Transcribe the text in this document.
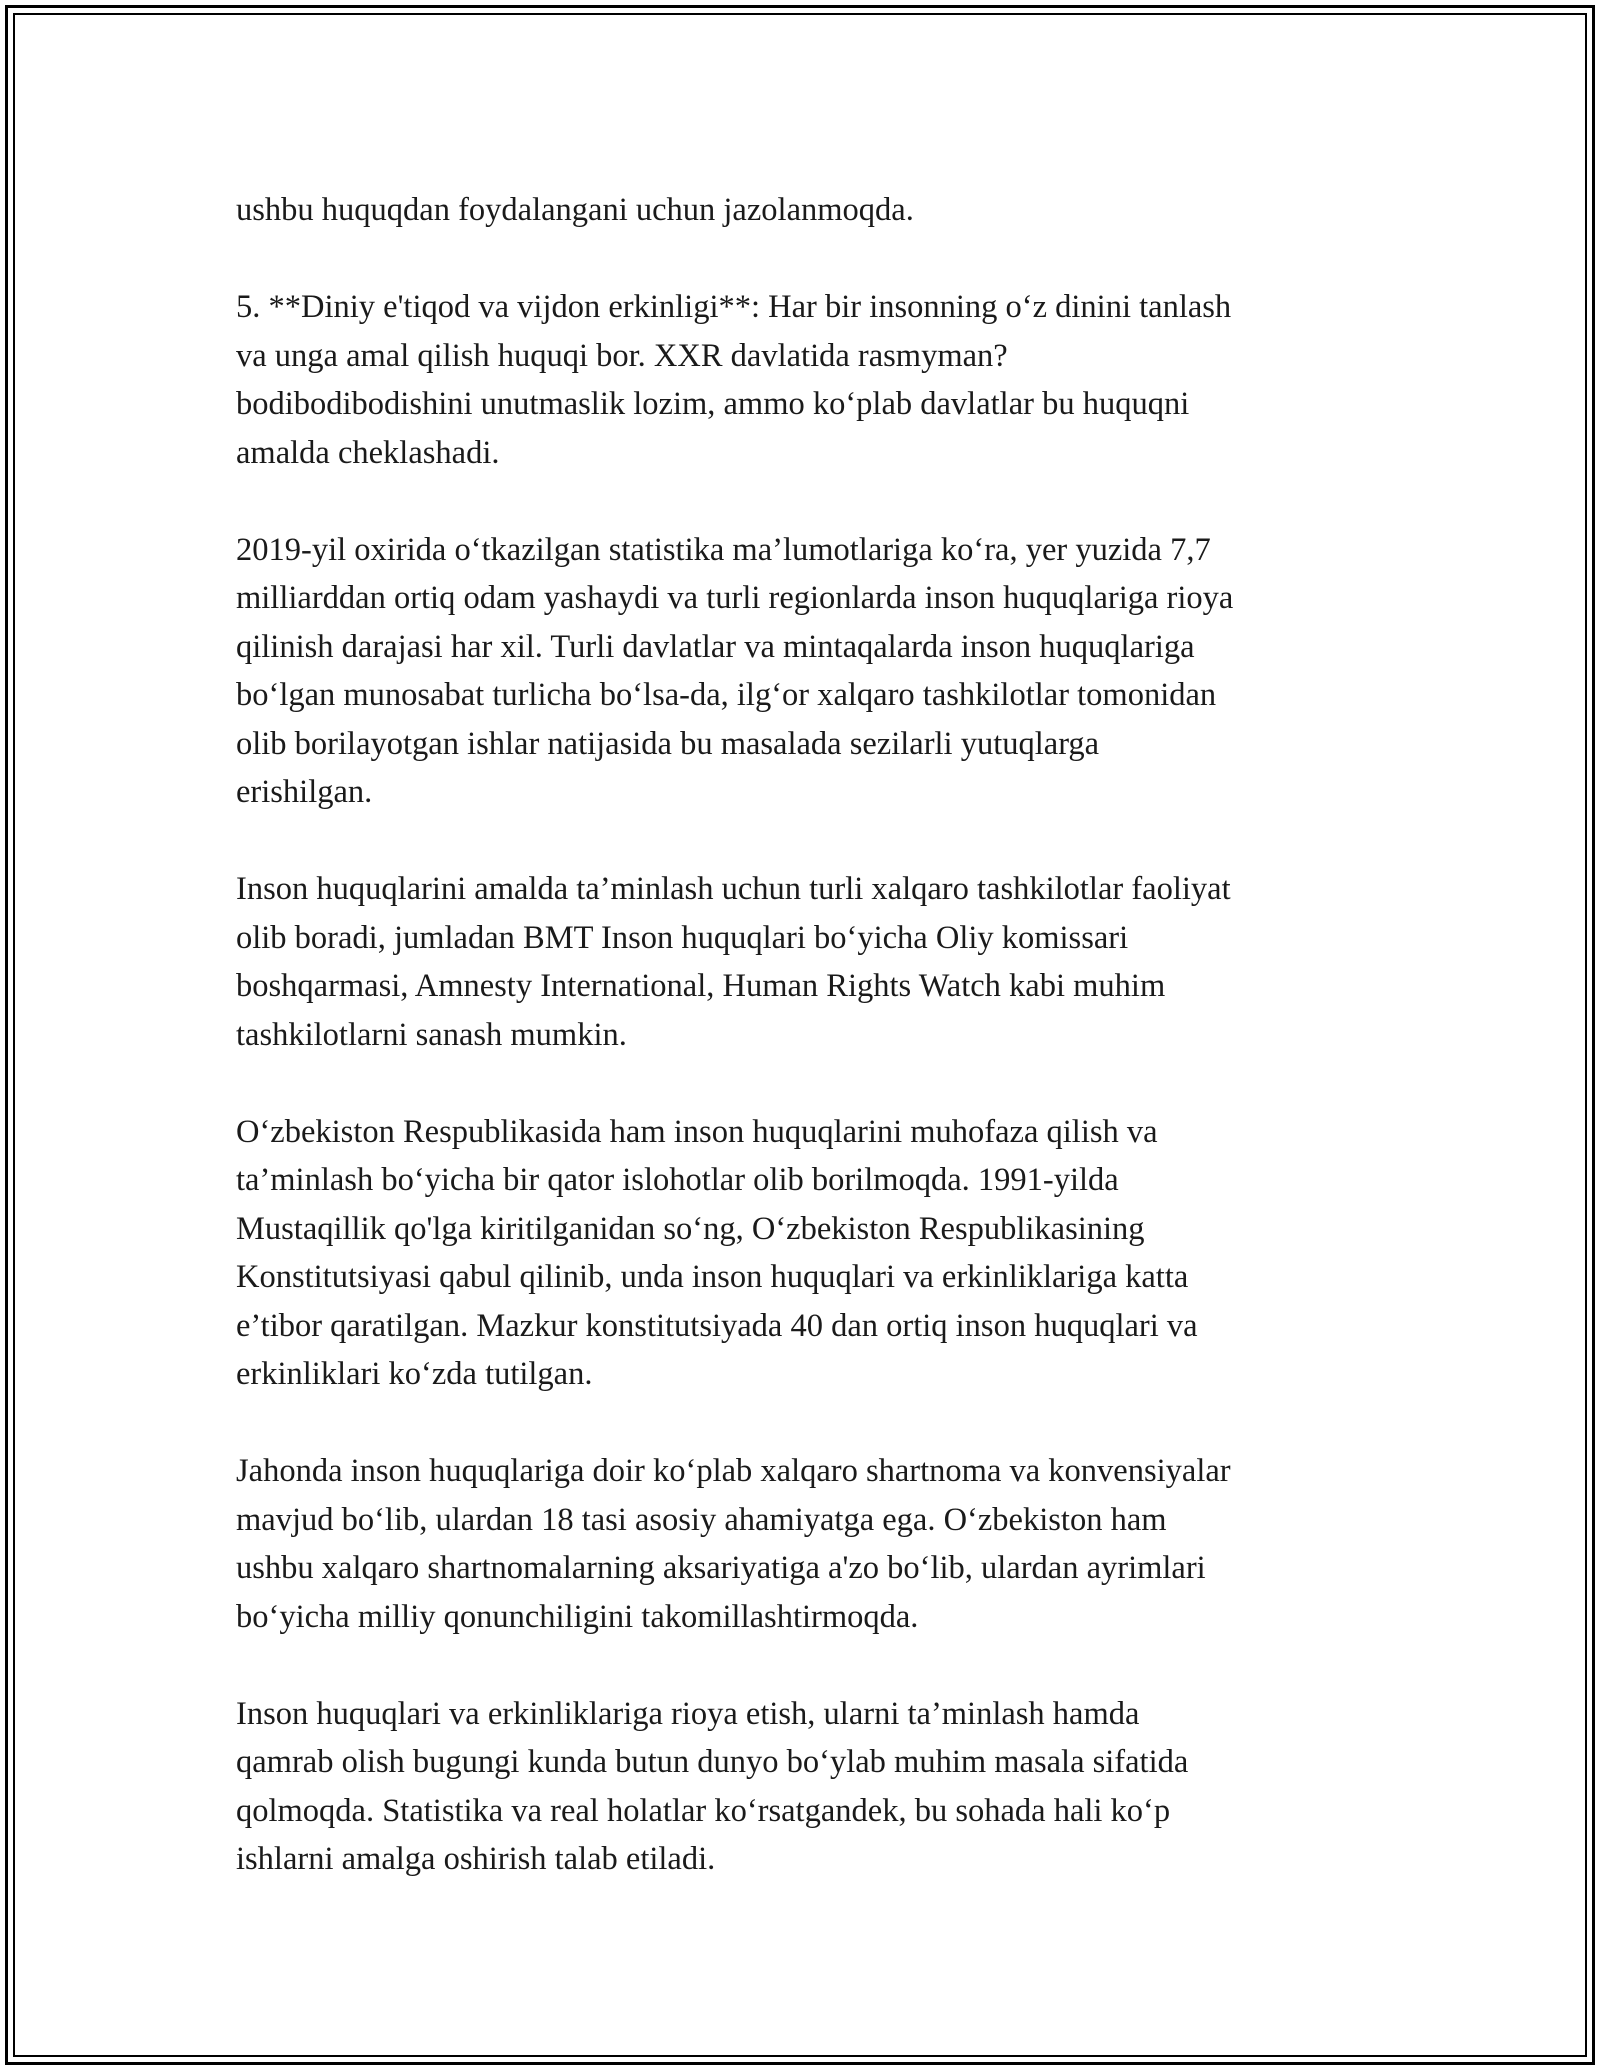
ushbu huquqdan foydalangani uchun jazolanmoqda.

5. **Diniy e'tiqod va vijdon erkinligi**: Har bir insonning o‘z dinini tanlash
va unga amal qilish huquqi bor. XXR davlatida rasmyman?
bodibodibodishini unutmaslik lozim, ammo ko‘plab davlatlar bu huquqni
amalda cheklashadi.

2019-yil oxirida o‘tkazilgan statistika ma’lumotlariga ko‘ra, yer yuzida 7,7
milliarddan ortiq odam yashaydi va turli regionlarda inson huquqlariga rioya
qilinish darajasi har xil. Turli davlatlar va mintaqalarda inson huquqlariga
bo‘lgan munosabat turlicha bo‘lsa-da, ilg‘or xalqaro tashkilotlar tomonidan
olib borilayotgan ishlar natijasida bu masalada sezilarli yutuqlarga
erishilgan.

Inson huquqlarini amalda ta’minlash uchun turli xalqaro tashkilotlar faoliyat
olib boradi, jumladan BMT Inson huquqlari bo‘yicha Oliy komissari
boshqarmasi, Amnesty International, Human Rights Watch kabi muhim
tashkilotlarni sanash mumkin.

O‘zbekiston Respublikasida ham inson huquqlarini muhofaza qilish va
ta’minlash bo‘yicha bir qator islohotlar olib borilmoqda. 1991-yilda
Mustaqillik qo'lga kiritilganidan so‘ng, O‘zbekiston Respublikasining
Konstitutsiyasi qabul qilinib, unda inson huquqlari va erkinliklariga katta
e’tibor qaratilgan. Mazkur konstitutsiyada 40 dan ortiq inson huquqlari va
erkinliklari ko‘zda tutilgan.

Jahonda inson huquqlariga doir ko‘plab xalqaro shartnoma va konvensiyalar
mavjud bo‘lib, ulardan 18 tasi asosiy ahamiyatga ega. O‘zbekiston ham
ushbu xalqaro shartnomalarning aksariyatiga a'zo bo‘lib, ulardan ayrimlari
bo‘yicha milliy qonunchiligini takomillashtirmoqda.

Inson huquqlari va erkinliklariga rioya etish, ularni ta’minlash hamda
qamrab olish bugungi kunda butun dunyo bo‘ylab muhim masala sifatida
qolmoqda. Statistika va real holatlar ko‘rsatgandek, bu sohada hali ko‘p
ishlarni amalga oshirish talab etiladi.
